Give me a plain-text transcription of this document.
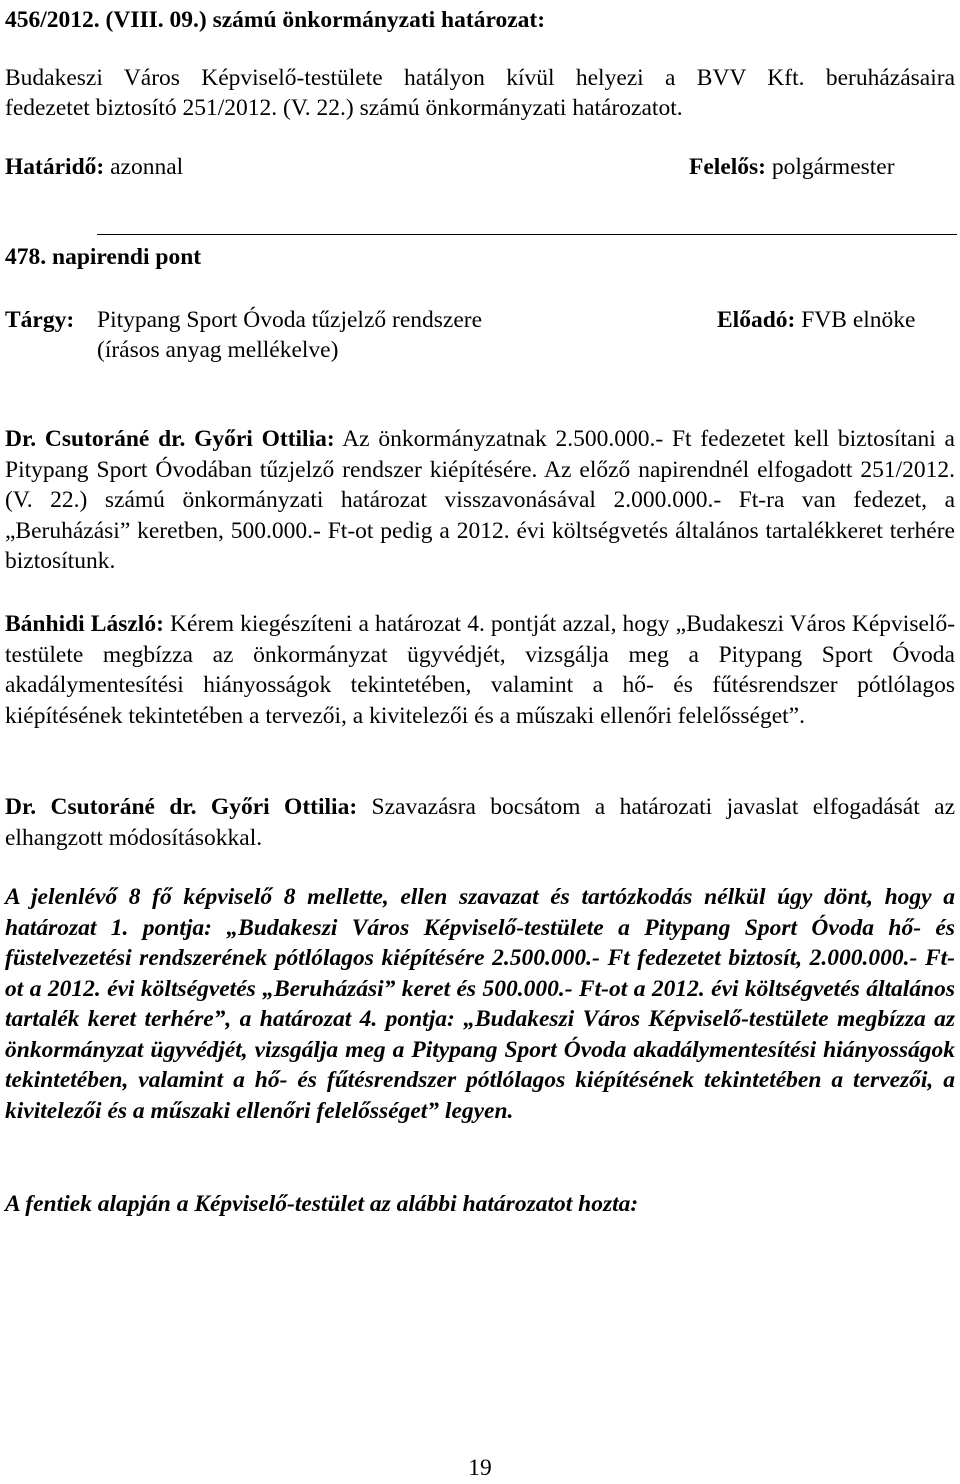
456/2012. (VIII. 09.) számú önkormányzati határozat:
Budakeszi Város Képviselő-testülete hatályon kívül helyezi a BVV Kft. beruházásaira
fedezetet biztosító 251/2012. (V. 22.) számú önkormányzati határozatot.
Határidő: azonnal	Felelős: polgármester
478. napirendi pont
Tárgy: Pitypang Sport Óvoda tűzjelző rendszere
(írásos anyag mellékelve)
Előadó: FVB elnöke
Dr. Csutoráné dr. Győri Ottilia: Az önkormányzatnak 2.500.000.- Ft fedezetet kell biztosítani a Pitypang Sport Óvodában tűzjelző rendszer kiépítésére. Az előző napirendnél elfogadott 251/2012. (V. 22.) számú önkormányzati határozat visszavonásával 2.000.000.- Ft-ra van fedezet, a „Beruházási” keretben, 500.000.- Ft-ot pedig a 2012. évi költségvetés általános tartalékkeret terhére biztosítunk.
Bánhidi László: Kérem kiegészíteni a határozat 4. pontját azzal, hogy „Budakeszi Város Képviselő-testülete megbízza az önkormányzat ügyvédjét, vizsgálja meg a Pitypang Sport Óvoda akadálymentesítési hiányosságok tekintetében, valamint a hő- és fűtésrendszer pótlólagos kiépítésének tekintetében a tervezői, a kivitelezői és a műszaki ellenőri felelősséget”.
Dr. Csutoráné dr. Győri Ottilia: Szavazásra bocsátom a határozati javaslat elfogadását az elhangzott módosításokkal.
A jelenlévő 8 fő képviselő 8 mellette, ellen szavazat és tartózkodás nélkül úgy dönt, hogy a határozat 1. pontja: „Budakeszi Város Képviselő-testülete a Pitypang Sport Óvoda hő- és füstelvezetési rendszerének pótlólagos kiépítésére 2.500.000.- Ft fedezetet biztosít, 2.000.000.- Ft-ot a 2012. évi költségvetés „Beruházási” keret és 500.000.- Ft-ot a 2012. évi költségvetés általános tartalék keret terhére”, a határozat 4. pontja: „Budakeszi Város Képviselő-testülete megbízza az önkormányzat ügyvédjét, vizsgálja meg a Pitypang Sport Óvoda akadálymentesítési hiányosságok tekintetében, valamint a hő- és fűtésrendszer pótlólagos kiépítésének tekintetében a tervezői, a kivitelezői és a műszaki ellenőri felelősséget” legyen.
A fentiek alapján a Képviselő-testület az alábbi határozatot hozta:
19
